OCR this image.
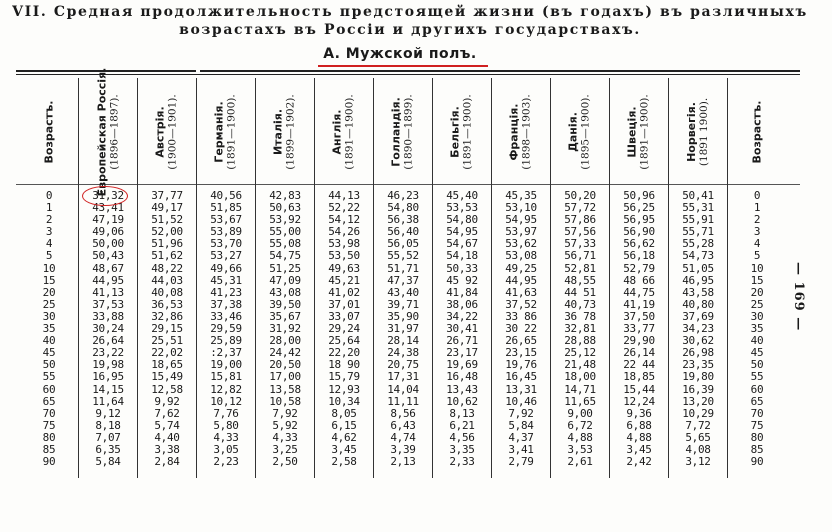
VII. Средная продолжительность предстоящей жизни (въ годахъ) въ различныхъ
возрастахъ въ Россіи и другихъ государствахъ.
А. Мужской полъ.
Возрастъ.
0
1
2
3
4
5
10
15
20
25
30
35
40
45
50
55
60
65
70
75
80
85
90
Европейская Россія. (1896—1897).
31,32
43,41
47,19
49,06
50,00
50,43
48,67
44,95
41,13
37,53
33,88
30,24
26,64
23,22
19,98
16,95
14,15
11,64
9,12
8,18
7,07
6,35
5,84
Австрія. (1900—1901).
37,77
49,17
51,52
52,00
51,96
51,62
48,22
44,03
40,08
36,53
32,86
29,15
25,51
22,02
18,65
15,49
12,58
9,92
7,62
5,74
4,40
3,38
2,84
Германія. (1891—1900).
40,56
51,85
53,67
53,89
53,70
53,27
49,66
45,31
41,23
37,38
33,46
29,59
25,89
:2,37
19,00
15,81
12,82
10,12
7,76
5,80
4,33
3,05
2,23
Италія. (1899—1902).
42,83
50,63
53,92
55,00
55,08
54,75
51,25
47,09
43,08
39,50
35,67
31,92
28,00
24,42
20,50
17,00
13,58
10,58
7,92
5,92
4,33
3,25
2,50
Англія. (1891—1900).
44,13
52,22
54,12
54,26
53,98
53,50
49,63
45,21
41,02
37,01
33,07
29,24
25,64
22,20
18 90
15,79
12,93
10,34
8,05
6,15
4,62
3,45
2,58
Голландія. (1890—1899).
46,23
54,80
56,38
56,40
56,05
55,52
51,71
47,37
43,40
39,71
35,90
31,97
28,14
24,38
20,75
17,31
14,04
11,11
8,56
6,43
4,74
3,39
2,13
Бельгія. (1891—1900).
45,40
53,53
54,80
54,95
54,67
54,18
50,33
45 92
41,84
38,06
34,22
30,41
26,71
23,17
19,69
16,48
13,43
10,62
8,13
6,21
4,56
3,35
2,33
Франція. (1898—1903).
45,35
53,10
54,95
53,97
53,62
53,08
49,25
44,95
41,63
37,52
33 86
30 22
26,65
23,15
19,76
16,45
13,31
10,46
7,92
5,84
4,37
3,41
2,79
Данія. (1895—1900).
50,20
57,72
57,86
57,56
57,33
56,71
52,81
48,55
44 51
40,73
36 78
32,81
28,88
25,12
21,48
18,00
14,71
11,65
9,00
6,72
4,88
3,53
2,61
Швеція. (1891—1900).
50,96
56,25
56,95
56,90
56,62
56,18
52,79
48 66
44,75
41,19
37,50
33,77
29,90
26,14
22 44
18,85
15,44
12,24
9,36
6,88
4,88
3,45
2,42
Норвегія. (1891 1900).
50,41
55,31
55,91
55,71
55,28
54,73
51,05
46,95
43,58
40,80
37,69
34,23
30,62
26,98
23,35
19,80
16,39
13,20
10,29
7,72
5,65
4,08
3,12
Возрастъ.
0
1
2
3
4
5
10
15
20
25
30
35
40
45
50
55
60
65
70
75
80
85
90
— 169 —
